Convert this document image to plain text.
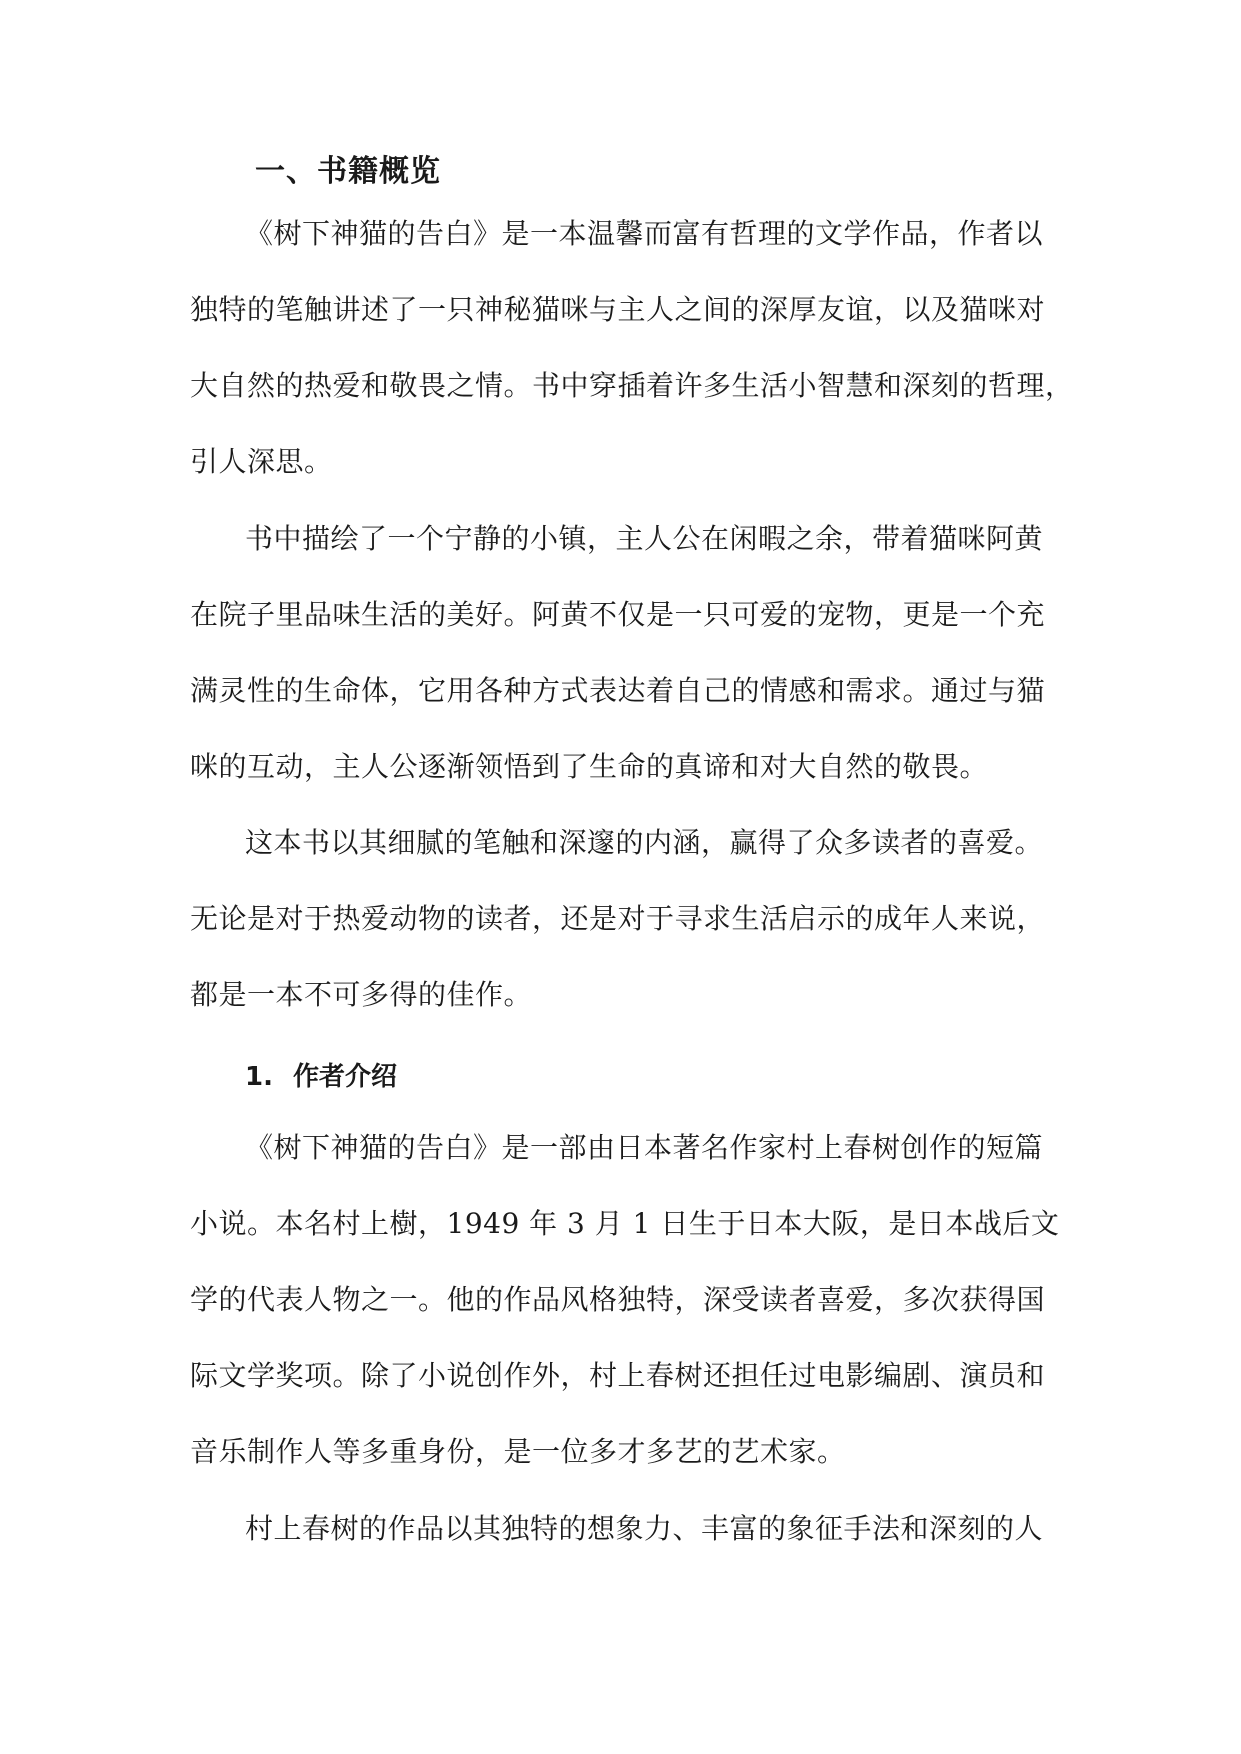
一、书籍概览
《树下神猫的告白》是一本温馨而富有哲理的文学作品，作者以
独特的笔触讲述了一只神秘猫咪与主人之间的深厚友谊，以及猫咪对
大自然的热爱和敬畏之情。书中穿插着许多生活小智慧和深刻的哲理，
引人深思。
书中描绘了一个宁静的小镇，主人公在闲暇之余，带着猫咪阿黄
在院子里品味生活的美好。阿黄不仅是一只可爱的宠物，更是一个充
满灵性的生命体，它用各种方式表达着自己的情感和需求。通过与猫
咪的互动，主人公逐渐领悟到了生命的真谛和对大自然的敬畏。
这本书以其细腻的笔触和深邃的内涵，赢得了众多读者的喜爱。
无论是对于热爱动物的读者，还是对于寻求生活启示的成年人来说，
都是一本不可多得的佳作。
1. 作者介绍
《树下神猫的告白》是一部由日本著名作家村上春树创作的短篇
小说。本名村上樹，1949 年 3 月 1 日生于日本大阪，是日本战后文
学的代表人物之一。他的作品风格独特，深受读者喜爱，多次获得国
际文学奖项。除了小说创作外，村上春树还担任过电影编剧、演员和
音乐制作人等多重身份，是一位多才多艺的艺术家。
村上春树的作品以其独特的想象力、丰富的象征手法和深刻的人
